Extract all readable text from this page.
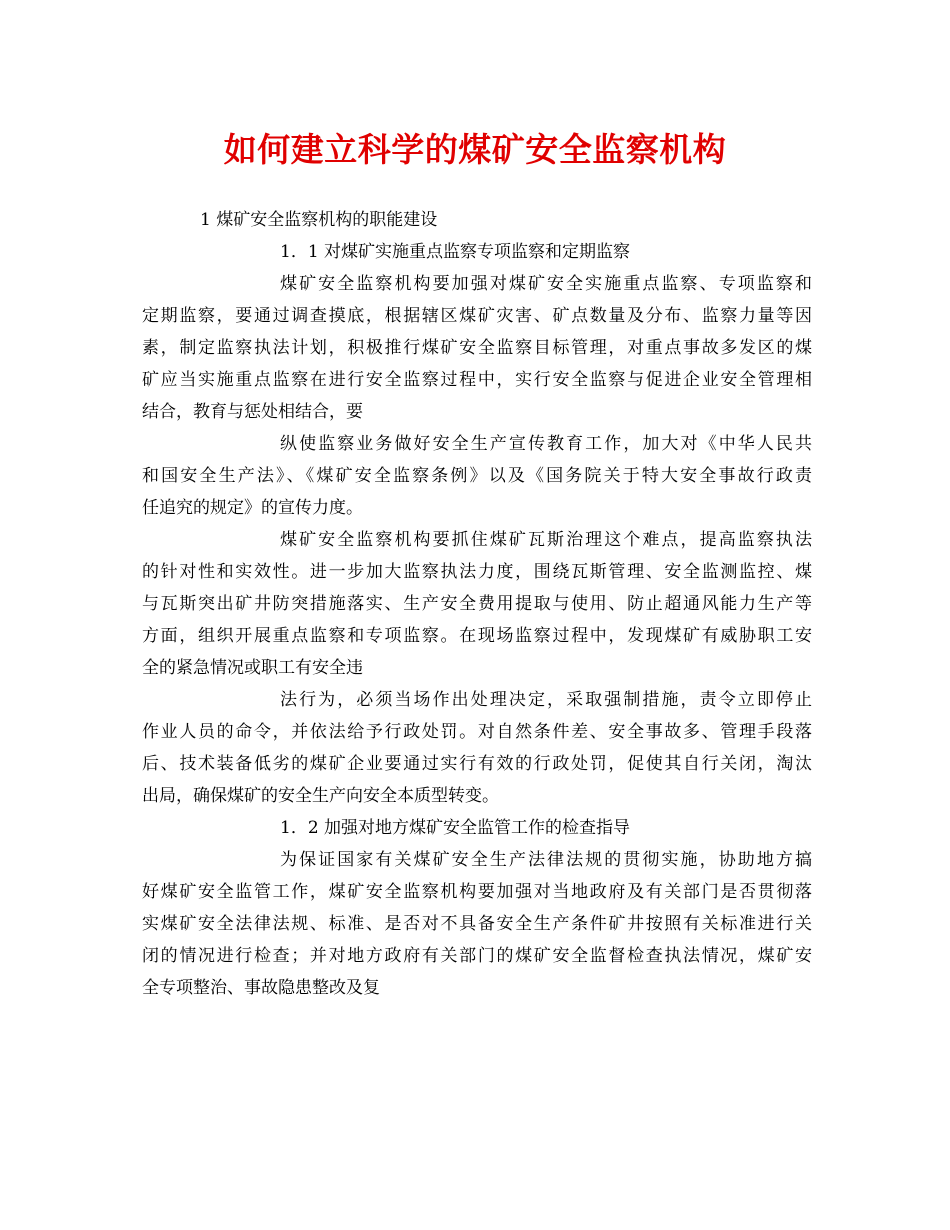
如何建立科学的煤矿安全监察机构
1 煤矿安全监察机构的职能建设
1．1 对煤矿实施重点监察专项监察和定期监察
煤矿安全监察机构要加强对煤矿安全实施重点监察、专项监察和
定期监察，要通过调查摸底，根据辖区煤矿灾害、矿点数量及分布、监察力量等因
素，制定监察执法计划，积极推行煤矿安全监察目标管理，对重点事故多发区的煤
矿应当实施重点监察在进行安全监察过程中，实行安全监察与促进企业安全管理相
结合，教育与惩处相结合，要
纵使监察业务做好安全生产宣传教育工作，加大对《中华人民共
和国安全生产法》、《煤矿安全监察条例》以及《国务院关于特大安全事故行政责
任追究的规定》的宣传力度。
煤矿安全监察机构要抓住煤矿瓦斯治理这个难点，提高监察执法
的针对性和实效性。进一步加大监察执法力度，围绕瓦斯管理、安全监测监控、煤
与瓦斯突出矿井防突措施落实、生产安全费用提取与使用、防止超通风能力生产等
方面，组织开展重点监察和专项监察。在现场监察过程中，发现煤矿有威胁职工安
全的紧急情况或职工有安全违
法行为，必须当场作出处理决定，采取强制措施，责令立即停止
作业人员的命令，并依法给予行政处罚。对自然条件差、安全事故多、管理手段落
后、技术装备低劣的煤矿企业要通过实行有效的行政处罚，促使其自行关闭，淘汰
出局，确保煤矿的安全生产向安全本质型转变。
1．2 加强对地方煤矿安全监管工作的检查指导
为保证国家有关煤矿安全生产法律法规的贯彻实施，协助地方搞
好煤矿安全监管工作，煤矿安全监察机构要加强对当地政府及有关部门是否贯彻落
实煤矿安全法律法规、标准、是否对不具备安全生产条件矿井按照有关标准进行关
闭的情况进行检查；并对地方政府有关部门的煤矿安全监督检查执法情况，煤矿安
全专项整治、事故隐患整改及复
